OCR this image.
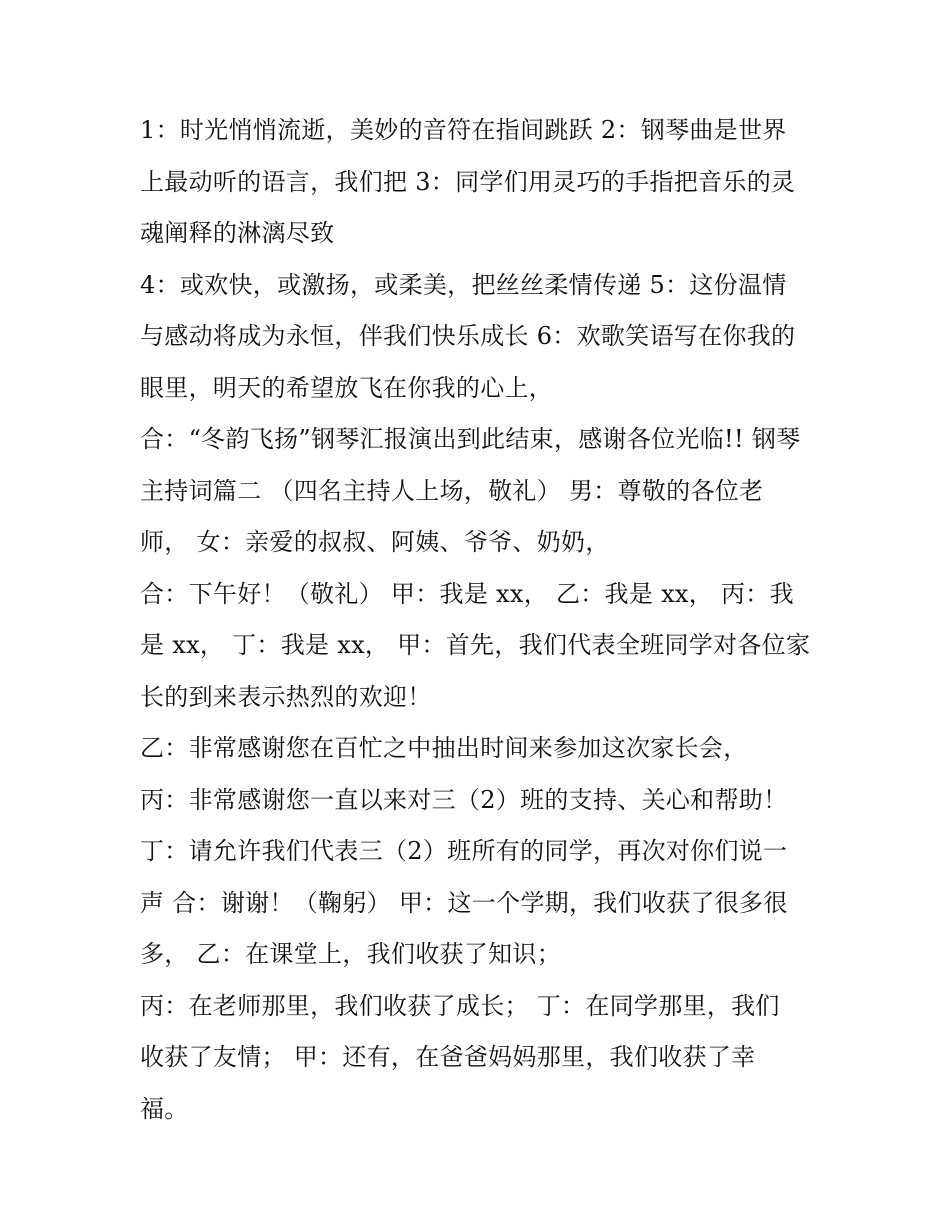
1：时光悄悄流逝，美妙的音符在指间跳跃 2：钢琴曲是世界
上最动听的语言，我们把 3：同学们用灵巧的手指把音乐的灵
魂阐释的淋漓尽致
4：或欢快，或激扬，或柔美，把丝丝柔情传递 5：这份温情
与感动将成为永恒，伴我们快乐成长 6：欢歌笑语写在你我的
眼里，明天的希望放飞在你我的心上，
合：“冬韵飞扬”钢琴汇报演出到此结束，感谢各位光临!! 钢琴
主持词篇二 （四名主持人上场，敬礼） 男：尊敬的各位老
师， 女：亲爱的叔叔、阿姨、爷爷、奶奶，
合：下午好！（敬礼） 甲：我是 xx， 乙：我是 xx， 丙：我
是 xx， 丁：我是 xx， 甲：首先，我们代表全班同学对各位家
长的到来表示热烈的欢迎！
乙：非常感谢您在百忙之中抽出时间来参加这次家长会，
丙：非常感谢您一直以来对三（2）班的支持、关心和帮助！
丁：请允许我们代表三（2）班所有的同学，再次对你们说一
声 合：谢谢！（鞠躬） 甲：这一个学期，我们收获了很多很
多， 乙：在课堂上，我们收获了知识；
丙：在老师那里，我们收获了成长； 丁：在同学那里，我们
收获了友情； 甲：还有，在爸爸妈妈那里，我们收获了幸
福。
